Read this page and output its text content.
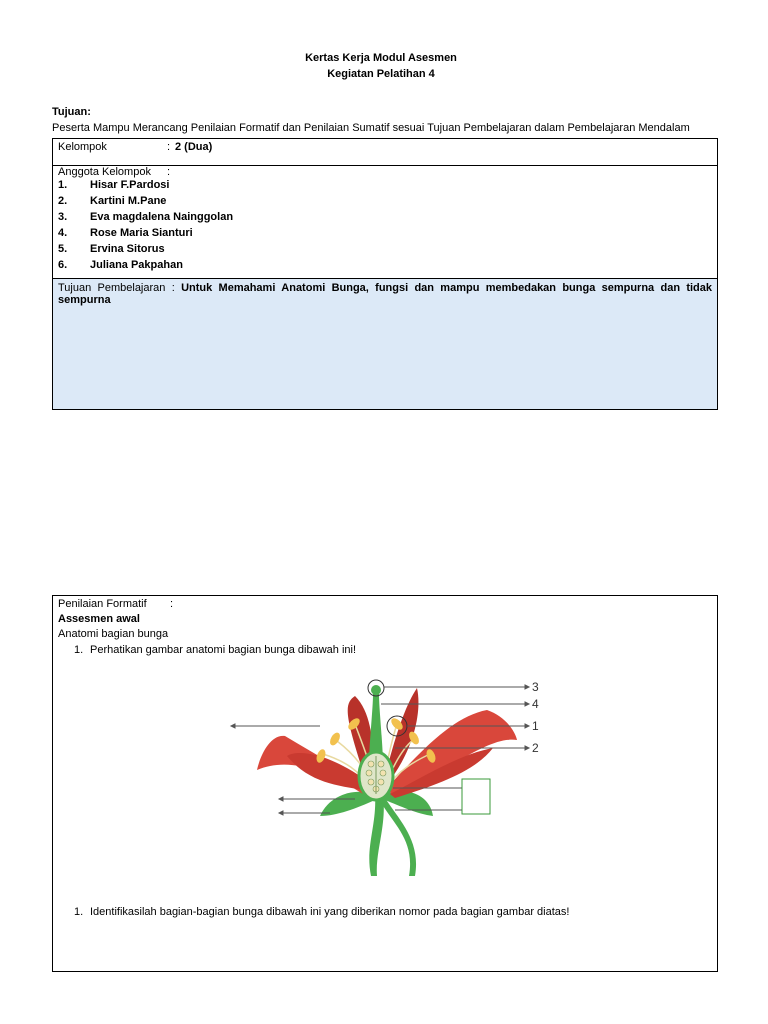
Kertas Kerja Modul Asesmen
Kegiatan Pelatihan 4
Tujuan:
Peserta Mampu Merancang Penilaian Formatif dan Penilaian Sumatif sesuai Tujuan Pembelajaran dalam Pembelajaran Mendalam
Kelompok	: 2 (Dua)
Anggota Kelompok :
1. Hisar F.Pardosi
2. Kartini M.Pane
3. Eva magdalena Nainggolan
4. Rose Maria Sianturi
5. Ervina Sitorus
6. Juliana Pakpahan
Tujuan Pembelajaran : Untuk Memahami Anatomi Bunga, fungsi dan mampu membedakan bunga sempurna dan tidak sempurna
Penilaian Formatif :
Assesmen awal
Anatomi bagian bunga
1. Perhatikan gambar anatomi bagian bunga dibawah ini!
1. Identifikasilah bagian-bagian bunga dibawah ini yang diberikan nomor pada bagian gambar diatas!
3
4
1
2
